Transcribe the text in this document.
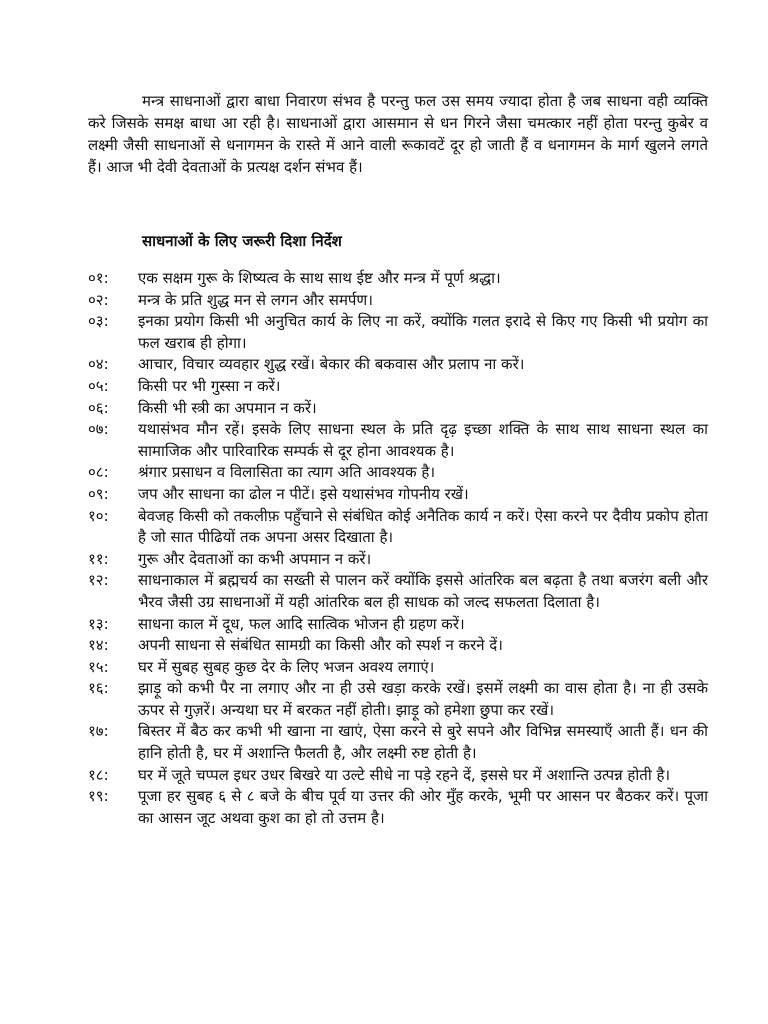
मन्त्र साधनाओं द्वारा बाधा निवारण संभव है परन्तु फल उस समय ज्यादा होता है जब साधना वही व्यक्ति करे जिसके समक्ष बाधा आ रही है। साधनाओं द्वारा आसमान से धन गिरने जैसा चमत्कार नहीं होता परन्तु कुबेर व लक्ष्मी जैसी साधनाओं से धनागमन के रास्ते में आने वाली रूकावटें दूर हो जाती हैं व धनागमन के मार्ग खुलने लगते हैं। आज भी देवी देवताओं के प्रत्यक्ष दर्शन संभव हैं।

साधनाओं के लिए जरूरी दिशा निर्देश
०१:	एक सक्षम गुरू के शिष्यत्व के साथ साथ ईष्ट और मन्त्र में पूर्ण श्रद्धा।
०२:	मन्त्र के प्रति शुद्ध मन से लगन और समर्पण।
०३:	इनका प्रयोग किसी भी अनुचित कार्य के लिए ना करें, क्योंकि गलत इरादे से किए गए किसी भी प्रयोग का फल खराब ही होगा।
०४:	आचार, विचार व्यवहार शुद्ध रखें। बेकार की बकवास और प्रलाप ना करें।
०५:	किसी पर भी गुस्सा न करें।
०६:	किसी भी स्त्री का अपमान न करें।
०७:	यथासंभव मौन रहें। इसके लिए साधना स्थल के प्रति दृढ़ इच्छा शक्ति के साथ साथ साधना स्थल का सामाजिक और पारिवारिक सम्पर्क से दूर होना आवश्यक है।
०८:	श्रंगार प्रसाधन व विलासिता का त्याग अति आवश्यक है।
०९:	जप और साधना का ढोल न पीटें। इसे यथासंभव गोपनीय रखें।
१०:	बेवजह किसी को तकलीफ़ पहुँचाने से संबंधित कोई अनैतिक कार्य न करें। ऐसा करने पर दैवीय प्रकोप होता है जो सात पीढियों तक अपना असर दिखाता है।
११:	गुरू और देवताओं का कभी अपमान न करें।
१२:	साधनाकाल में ब्रह्मचर्य का सख्ती से पालन करें क्योंकि इससे आंतरिक बल बढ़ता है तथा बजरंग बली और भैरव जैसी उग्र साधनाओं में यही आंतरिक बल ही साधक को जल्द सफलता दिलाता है।
१३:	साधना काल में दूध, फल आदि सात्विक भोजन ही ग्रहण करें।
१४:	अपनी साधना से संबंधित सामग्री का किसी और को स्पर्श न करने दें।
१५:	घर में सुबह सुबह कुछ देर के लिए भजन अवश्य लगाएं।
१६:	झाड़ू को कभी पैर ना लगाए और ना ही उसे खड़ा करके रखें। इसमें लक्ष्मी का वास होता है। ना ही उसके ऊपर से गुज़रें। अन्यथा घर में बरकत नहीं होती। झाड़ू को हमेशा छुपा कर रखें।
१७:	बिस्तर में बैठ कर कभी भी खाना ना खाएं, ऐसा करने से बुरे सपने और विभिन्न समस्याएँ आती हैं। धन की हानि होती है, घर में अशान्ति फैलती है, और लक्ष्मी रुष्ट होती है।
१८:	घर में जूते चप्पल इधर उधर बिखरे या उल्टे सीधे ना पड़े रहने दें, इससे घर में अशान्ति उत्पन्न होती है।
१९:	पूजा हर सुबह ६ से ८ बजे के बीच पूर्व या उत्तर की ओर मुँह करके, भूमी पर आसन पर बैठकर करें। पूजा का आसन जूट अथवा कुश का हो तो उत्तम है।
